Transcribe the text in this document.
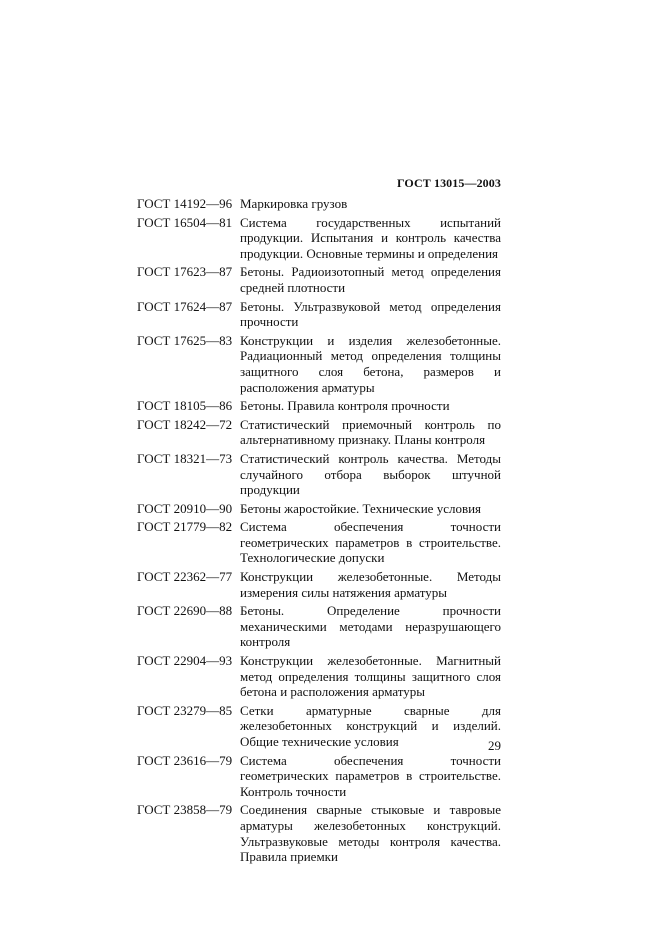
ГОСТ 13015—2003
ГОСТ 14192—96 Маркировка грузов
ГОСТ 16504—81 Система государственных испытаний продукции. Испытания и контроль качества продукции. Основные термины и определения
ГОСТ 17623—87 Бетоны. Радиоизотопный метод определения средней плотности
ГОСТ 17624—87 Бетоны. Ультразвуковой метод определения прочности
ГОСТ 17625—83 Конструкции и изделия железобетонные. Радиационный метод определения толщины защитного слоя бетона, размеров и расположения арматуры
ГОСТ 18105—86 Бетоны. Правила контроля прочности
ГОСТ 18242—72 Статистический приемочный контроль по альтернативному признаку. Планы контроля
ГОСТ 18321—73 Статистический контроль качества. Методы случайного отбора выборок штучной продукции
ГОСТ 20910—90 Бетоны жаростойкие. Технические условия
ГОСТ 21779—82 Система обеспечения точности геометрических параметров в строительстве. Технологические допуски
ГОСТ 22362—77 Конструкции железобетонные. Методы измерения силы натяжения арматуры
ГОСТ 22690—88 Бетоны. Определение прочности механическими методами неразрушающего контроля
ГОСТ 22904—93 Конструкции железобетонные. Магнитный метод определения толщины защитного слоя бетона и расположения арматуры
ГОСТ 23279—85 Сетки арматурные сварные для железобетонных конструкций и изделий. Общие технические условия
ГОСТ 23616—79 Система обеспечения точности геометрических параметров в строительстве. Контроль точности
ГОСТ 23858—79 Соединения сварные стыковые и тавровые арматуры железобетонных конструкций. Ультразвуковые методы контроля качества. Правила приемки
29
